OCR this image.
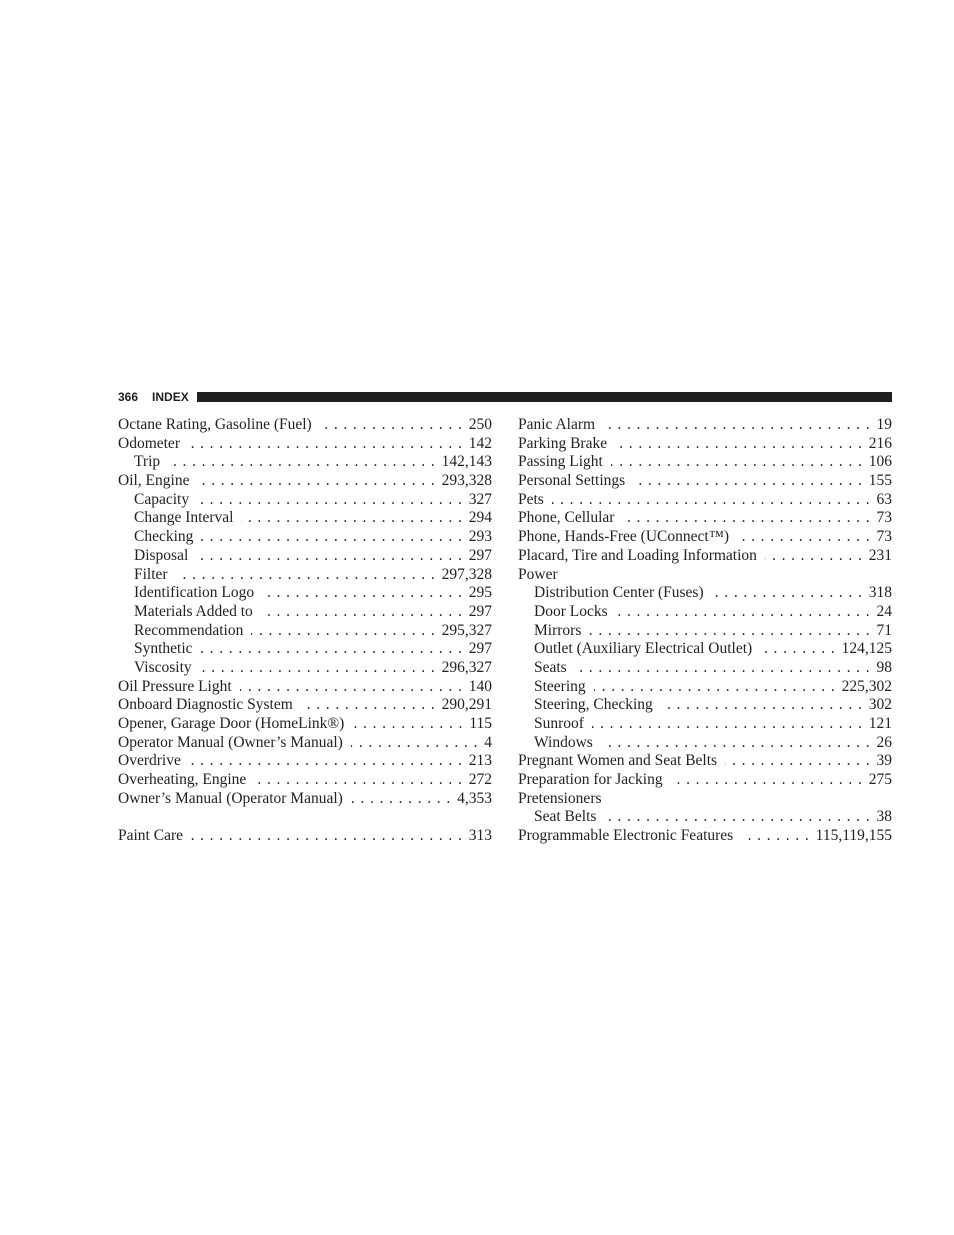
366 INDEX
Octane Rating, Gasoline (Fuel) . . .	250
Odometer . . .	142
Trip . . .	142,143
Oil, Engine . . .	293,328
Capacity . . .	327
Change Interval . . .	294
Checking . . .	293
Disposal . . .	297
Filter . . .	297,328
Identification Logo . . .	295
Materials Added to . . .	297
Recommendation . . .	295,327
Synthetic . . .	297
Viscosity . . .	296,327
Oil Pressure Light . . .	140
Onboard Diagnostic System . . .	290,291
Opener, Garage Door (HomeLink®) . . .	115
Operator Manual (Owner’s Manual) . . .	4
Overdrive . . .	213
Overheating, Engine . . .	272
Owner’s Manual (Operator Manual) . . .	4,353
Paint Care . . .	313
Panic Alarm . . .	19
Parking Brake . . .	216
Passing Light . . .	106
Personal Settings . . .	155
Pets . . .	63
Phone, Cellular . . .	73
Phone, Hands-Free (UConnect™) . . .	73
Placard, Tire and Loading Information . . .	231
Power
Distribution Center (Fuses) . . .	318
Door Locks . . .	24
Mirrors . . .	71
Outlet (Auxiliary Electrical Outlet) . . .	124,125
Seats . . .	98
Steering . . .	225,302
Steering, Checking . . .	302
Sunroof . . .	121
Windows . . .	26
Pregnant Women and Seat Belts . . .	39
Preparation for Jacking . . .	275
Pretensioners
Seat Belts . . .	38
Programmable Electronic Features . . .	115,119,155
